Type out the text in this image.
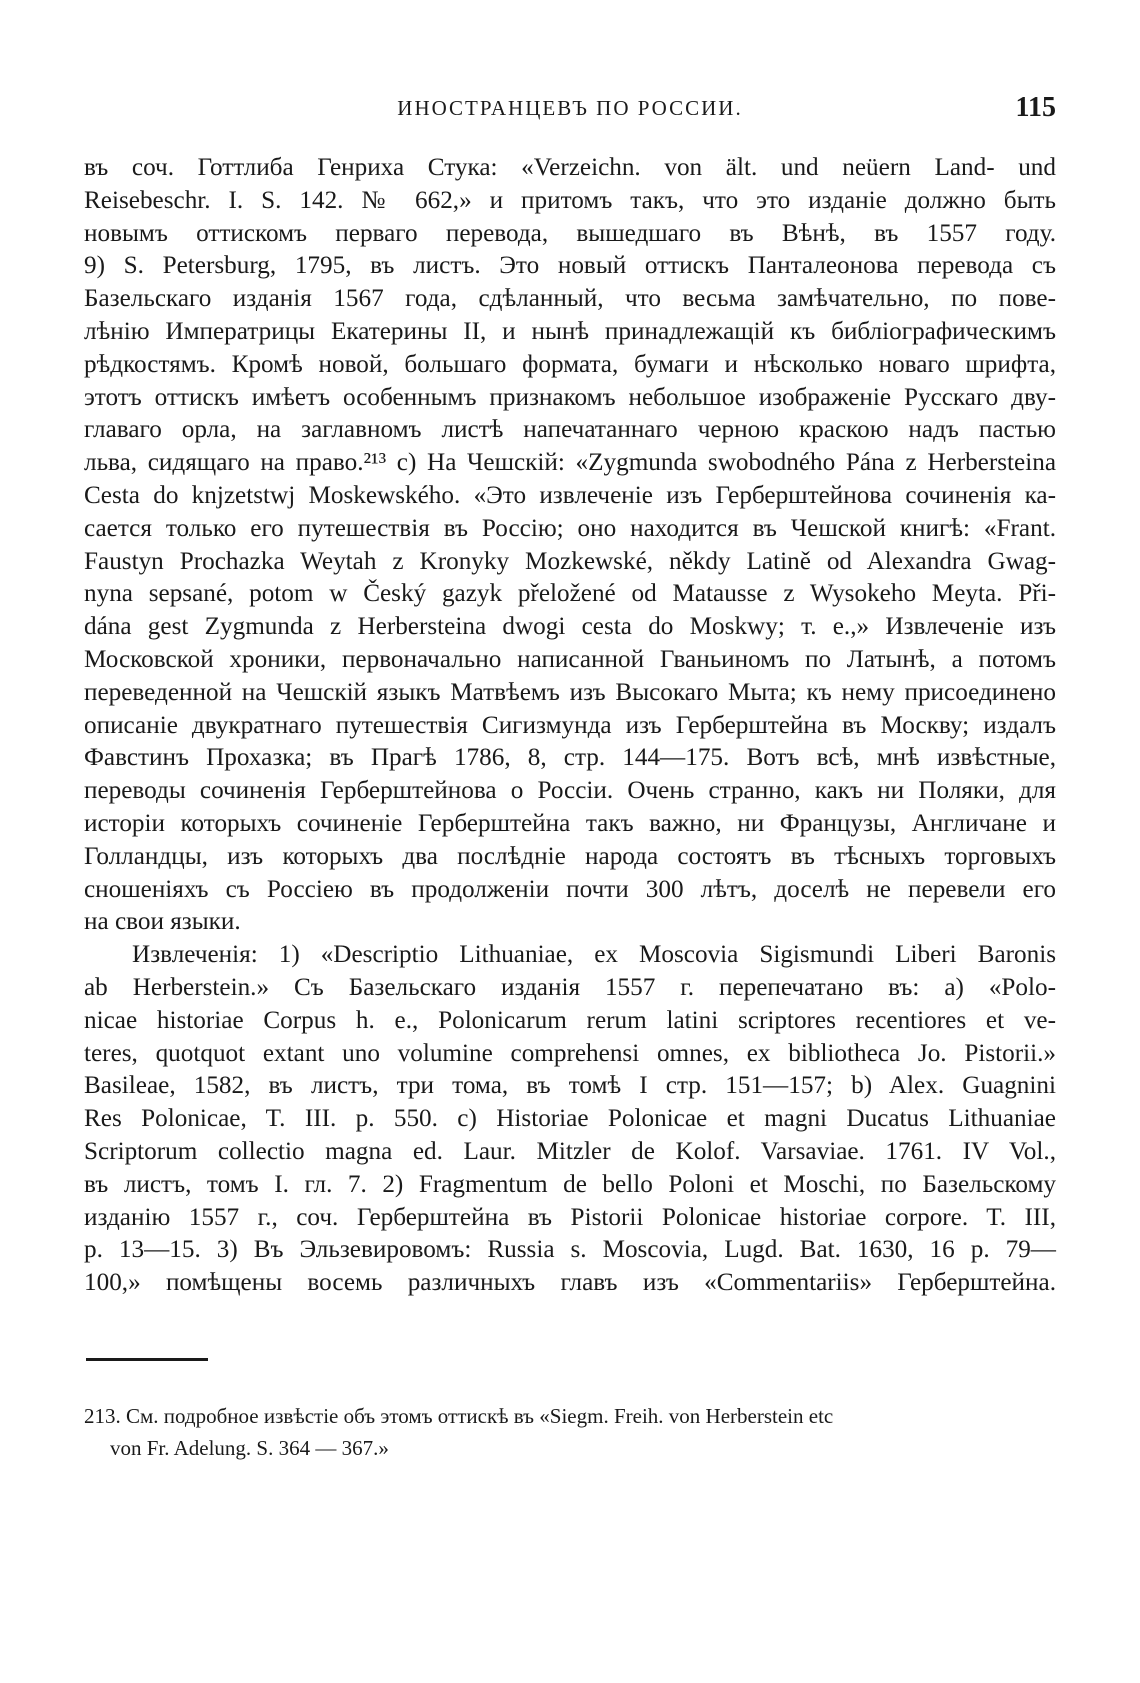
ИНОСТРАНЦЕВЪ ПО РОССИИ.	115
въ соч. Готтлиба Генриха Стука: «Verzeichn. von ält. und neüern Land- und
Reisebeschr. I. S. 142. № 662,» и притомъ такъ, что это изданіе должно быть
новымъ оттискомъ перваго перевода, вышедшаго въ Вѣнѣ, въ 1557 году.
9) S. Petersburg, 1795, въ листъ. Это новый оттискъ Панталеонова перевода съ
Базельскаго изданія 1567 года, сдѣланный, что весьма замѣчательно, по пове-
лѣнію Императрицы Екатерины II, и нынѣ принадлежащій къ библіографическимъ
рѣдкостямъ. Кромѣ новой, большаго формата, бумаги и нѣсколько новаго шрифта,
этотъ оттискъ имѣетъ особеннымъ признакомъ небольшое изображеніе Русскаго дву-
главаго орла, на заглавномъ листѣ напечатаннаго черною краскою надъ пастью
льва, сидящаго на право.²¹³ c) На Чешскій: «Zygmunda swobodného Pána z Herbersteina
Cesta do knjzetstwj Moskewského. «Это извлеченіе изъ Герберштейнова сочиненія ка-
сается только его путешествія въ Россію; оно находится въ Чешской книгѣ: «Frant.
Faustyn Prochazka Weytah z Kronyky Mozkewské, někdy Latině od Alexandra Gwag-
nyna sepsané, potom w Český gazyk přeložené od Matausse z Wysokeho Meyta. Při-
dána gest Zygmunda z Herbersteina dwogi cesta do Moskwy; т. е.,» Извлеченіе изъ
Московской хроники, первоначально написанной Гваньиномъ по Латынѣ, а потомъ
переведенной на Чешскій языкъ Матвѣемъ изъ Высокаго Мыта; къ нему присоединено
описаніе двукратнаго путешествія Сигизмунда изъ Герберштейна въ Москву; издалъ
Фавстинъ Прохазка; въ Прагѣ 1786, 8, стр. 144—175. Вотъ всѣ, мнѣ извѣстные,
переводы сочиненія Герберштейнова о Россіи. Очень странно, какъ ни Поляки, для
исторіи которыхъ сочиненіе Герберштейна такъ важно, ни Французы, Англичане и
Голландцы, изъ которыхъ два послѣдніе народа состоятъ въ тѣсныхъ торговыхъ
сношеніяхъ съ Россіею въ продолженіи почти 300 лѣтъ, доселѣ не перевели его
на свои языки.
Извлеченія: 1) «Descriptio Lithuaniae, ex Moscovia Sigismundi Liberi Baronis
ab Herberstein.» Съ Базельскаго изданія 1557 г. перепечатано въ: a) «Polo-
nicae historiae Corpus h. e., Polonicarum rerum latini scriptores recentiores et ve-
teres, quotquot extant uno volumine comprehensi omnes, ex bibliotheca Jo. Pistorii.»
Basileae, 1582, въ листъ, три тома, въ томѣ I стр. 151—157; b) Alex. Guagnini
Res Polonicae, T. III. p. 550. c) Historiae Polonicae et magni Ducatus Lithuaniae
Scriptorum collectio magna ed. Laur. Mitzler de Kolof. Varsaviae. 1761. IV Vol.,
въ листъ, томъ I. гл. 7. 2) Fragmentum de bello Poloni et Moschi, по Базельскому
изданію 1557 г., соч. Герберштейна въ Pistorii Polonicae historiae corpore. T. III,
p. 13—15. 3) Въ Эльзевировомъ: Russia s. Moscovia, Lugd. Bat. 1630, 16 p. 79—
100,» помѣщены восемь различныхъ главъ изъ «Commentariis» Герберштейна.
213. См. подробное извѣстіе объ этомъ оттискѣ въ «Siegm. Freih. von Herberstein etc
von Fr. Adelung. S. 364 — 367.»
